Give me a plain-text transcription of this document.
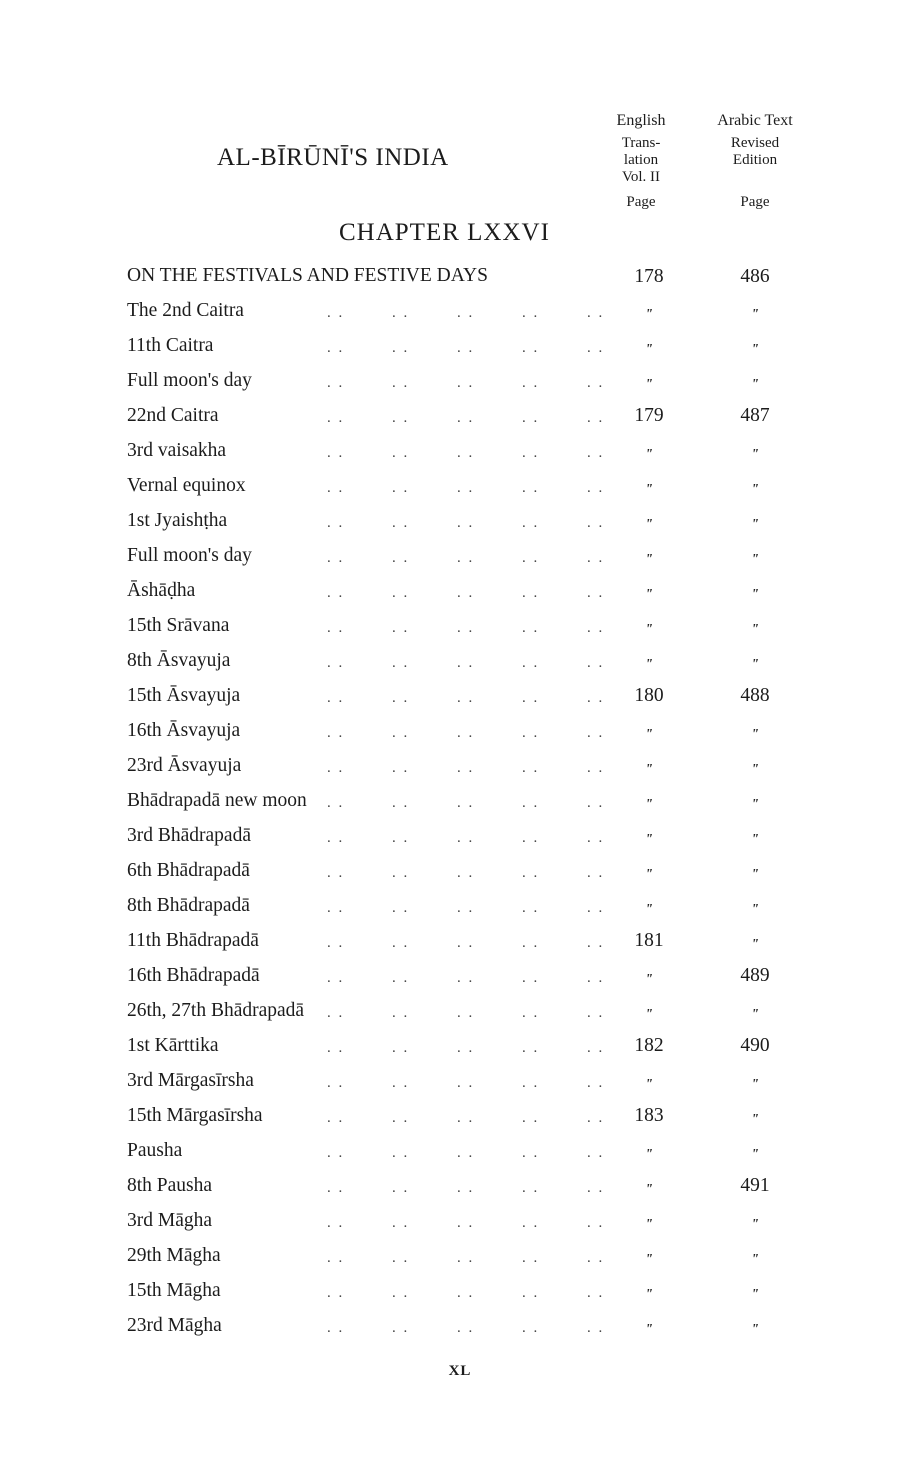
AL-BĪRŪNĪ'S INDIA
English
Trans-
lation
Vol. II
Page
Arabic Text
Revised
Edition

Page
CHAPTER LXXVI
ON THE FESTIVALS AND FESTIVE DAYS	178	486
The 2nd Caitra	. .	. .	. .	. .	. .	"	"
11th Caitra	. .	. .	. .	. .	. .	"	"
Full moon's day	. .	. .	. .	. .	. .	"	"
22nd Caitra	. .	. .	. .	. .	. .	179	487
3rd vaisakha	. .	. .	. .	. .	. .	"	"
Vernal equinox	. .	. .	. .	. .	. .	"	"
1st Jyaishṭha	. .	. .	. .	. .	. .	"	"
Full moon's day	. .	. .	. .	. .	. .	"	"
Āshāḍha	. .	. .	. .	. .	. .	"	"
15th Srāvana	. .	. .	. .	. .	. .	"	"
8th Āsvayuja	. .	. .	. .	. .	. .	"	"
15th Āsvayuja	. .	. .	. .	. .	. .	180	488
16th Āsvayuja	. .	. .	. .	. .	. .	"	"
23rd Āsvayuja	. .	. .	. .	. .	. .	"	"
Bhādrapadā new moon . .	. .	. .	. .	. .	"	"
3rd Bhādrapadā	. .	. .	. .	. .	. .	"	"
6th Bhādrapadā	. .	. .	. .	. .	. .	"	"
8th Bhādrapadā	. .	. .	. .	. .	. .	"	"
11th Bhādrapadā	. .	. .	. .	. .	. .	181	"
16th Bhādrapadā	. .	. .	. .	. .	. .	"	489
26th, 27th Bhādrapadā . .	. .	. .	. .	. .	"	"
1st Kārttika	. .	. .	. .	. .	. .	182	490
3rd Mārgasīrsha	. .	. .	. .	. .	. .	"	"
15th Mārgasīrsha	. .	. .	. .	. .	. .	183	"
Pausha	. .	. .	. .	. .	. .	"	"
8th Pausha	. .	. .	. .	. .	. .	"	491
3rd Māgha	. .	. .	. .	. .	. .	"	"
29th Māgha	. .	. .	. .	. .	. .	"	"
15th Māgha	. .	. .	. .	. .	. .	"	"
23rd Māgha	. .	. .	. .	. .	. .	"	"
XL
